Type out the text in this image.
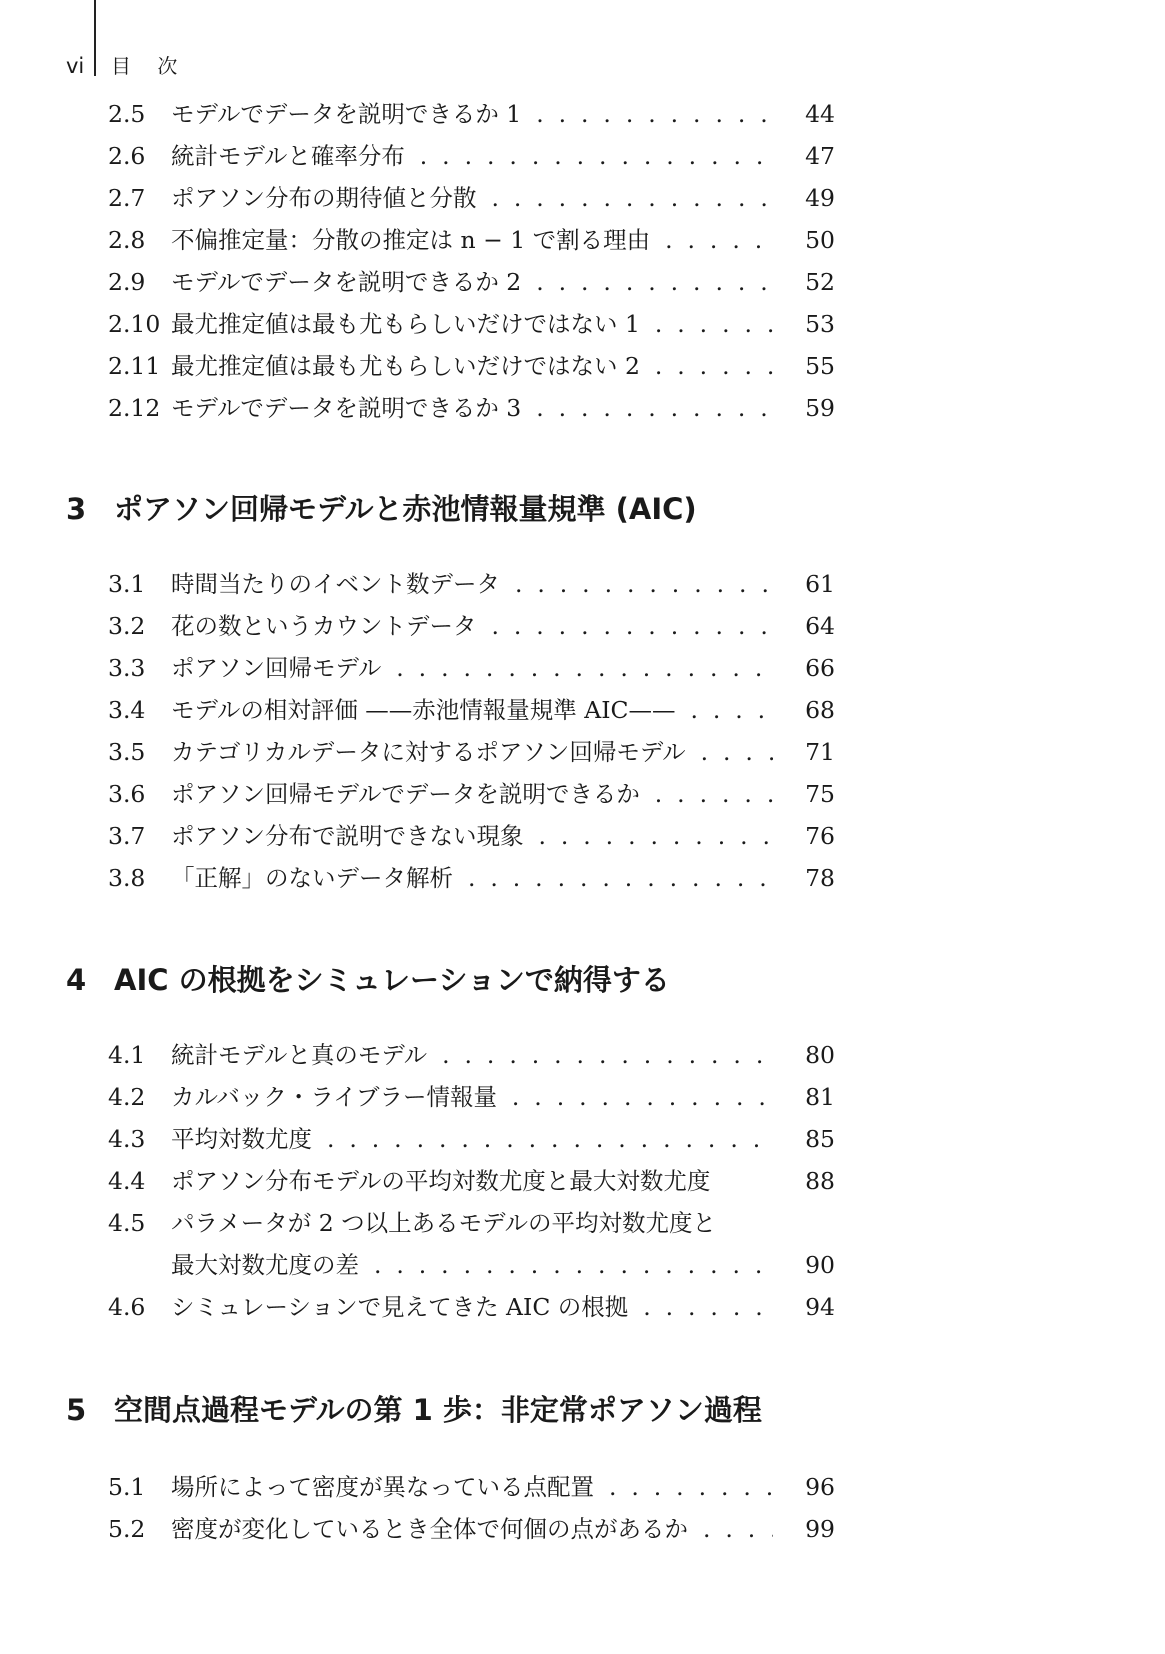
vi 目 次
2.5 モデルでデータを説明できるか 1 . .	44
2.6 統計モデルと確率分布 . .	47
2.7 ポアソン分布の期待値と分散 . .	49
2.8 不偏推定量：分散の推定は n − 1 で割る理由 . .	50
2.9 モデルでデータを説明できるか 2 . .	52
2.10 最尤推定値は最も尤もらしいだけではない 1 . .	53
2.11 最尤推定値は最も尤もらしいだけではない 2 . .	55
2.12 モデルでデータを説明できるか 3 . .	59
3 ポアソン回帰モデルと赤池情報量規準 (AIC)
3.1 時間当たりのイベント数データ . .	61
3.2 花の数というカウントデータ . .	64
3.3 ポアソン回帰モデル . .	66
3.4 モデルの相対評価 ——赤池情報量規準 AIC—— . .	68
3.5 カテゴリカルデータに対するポアソン回帰モデル . .	71
3.6 ポアソン回帰モデルでデータを説明できるか . .	75
3.7 ポアソン分布で説明できない現象 . .	76
3.8 「正解」のないデータ解析 . .	78
4 AIC の根拠をシミュレーションで納得する
4.1 統計モデルと真のモデル . .	80
4.2 カルバック・ライブラー情報量 . .	81
4.3 平均対数尤度 . .	85
4.4 ポアソン分布モデルの平均対数尤度と最大対数尤度	88
4.5 パラメータが 2 つ以上あるモデルの平均対数尤度と
最大対数尤度の差 . .	90
4.6 シミュレーションで見えてきた AIC の根拠 . .	94
5 空間点過程モデルの第 1 歩：非定常ポアソン過程
5.1 場所によって密度が異なっている点配置 . .	96
5.2 密度が変化しているとき全体で何個の点があるか . .	99
